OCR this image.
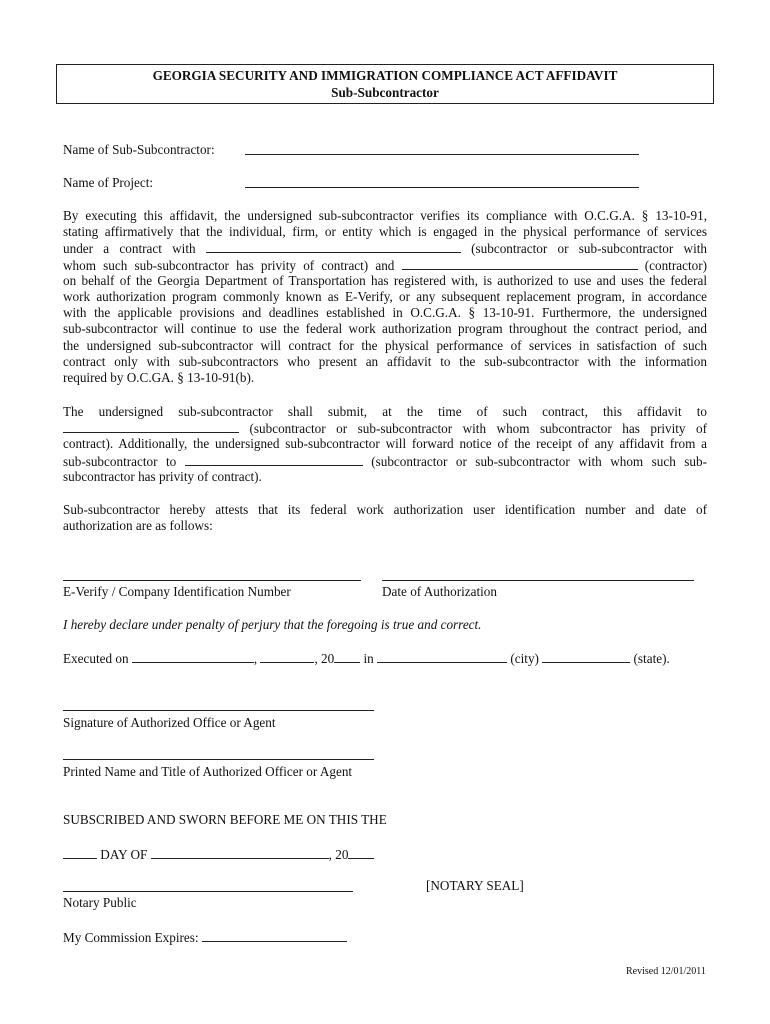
GEORGIA SECURITY AND IMMIGRATION COMPLIANCE ACT AFFIDAVIT
Sub-Subcontractor
Name of Sub-Subcontractor:
Name of Project:
By executing this affidavit, the undersigned sub-subcontractor verifies its compliance with O.C.G.A. § 13-10-91,
stating affirmatively that the individual, firm, or entity which is engaged in the physical performance of services
under a contract with	(subcontractor or sub-subcontractor with
whom such sub-subcontractor has privity of contract) and	(contractor)
on behalf of the Georgia Department of Transportation has registered with, is authorized to use and uses the federal
work authorization program commonly known as E-Verify, or any subsequent replacement program, in accordance
with the applicable provisions and deadlines established in O.C.G.A. § 13-10-91. Furthermore, the undersigned
sub-subcontractor will continue to use the federal work authorization program throughout the contract period, and
the undersigned sub-subcontractor will contract for the physical performance of services in satisfaction of such
contract only with sub-subcontractors who present an affidavit to the sub-subcontractor with the information
required by O.C.GA. § 13-10-91(b).
The undersigned sub-subcontractor shall submit, at the time of such contract, this affidavit to
(subcontractor or sub-subcontractor with whom subcontractor has privity of
contract). Additionally, the undersigned sub-subcontractor will forward notice of the receipt of any affidavit from a
sub-subcontractor to	(subcontractor or sub-subcontractor with whom such sub-
subcontractor has privity of contract).
Sub-subcontractor hereby attests that its federal work authorization user identification number and date of
authorization are as follows:
E-Verify / Company Identification Number	Date of Authorization
I hereby declare under penalty of perjury that the foregoing is true and correct.
Executed on	,	, 20 in	(city)	(state).
Signature of Authorized Office or Agent
Printed Name and Title of Authorized Officer or Agent
SUBSCRIBED AND SWORN BEFORE ME ON THIS THE
DAY OF	, 20
[NOTARY SEAL]
Notary Public
My Commission Expires:
Revised 12/01/2011
